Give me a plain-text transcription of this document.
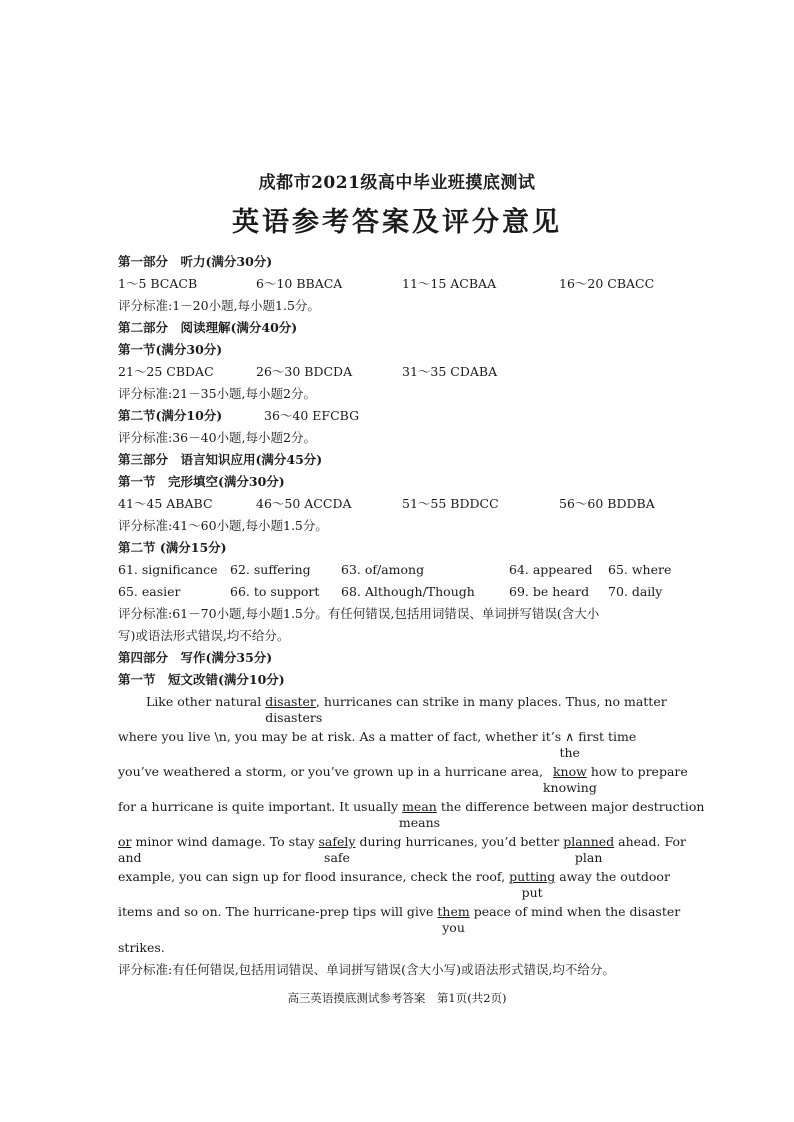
成都市2021级高中毕业班摸底测试
英语参考答案及评分意见
第一部分　听力(满分30分)
1～5 BCACB	6～10 BBACA	11～15 ACBAA	16～20 CBACC
评分标准:1－20小题,每小题1.5分。
第二部分　阅读理解(满分40分)
第一节(满分30分)
21～25 CBDAC	26～30 BDCDA	31～35 CDABA
评分标准:21－35小题,每小题2分。
第二节(满分10分)	36～40 EFCBG
评分标准:36－40小题,每小题2分。
第三部分　语言知识应用(满分45分)
第一节　完形填空(满分30分)
41～45 ABABC	46～50 ACCDA	51～55 BDDCC	56～60 BDDBA
评分标准:41～60小题,每小题1.5分。
第二节 (满分15分)
61. significance 62. suffering 63. of/among	64. appeared 65. where
65. easier	66. to support 68. Although/Though	69. be heard 70. daily
评分标准:61－70小题,每小题1.5分。有任何错误,包括用词错误、单词拼写错误(含大小
写)或语法形式错误,均不给分。
第四部分　写作(满分35分)
第一节　短文改错(满分10分)
Like other natural disaster
disasters
, hurricanes can strike in many places. Thus, no matter
where you live \n, you may be at risk. As a matter of fact, whether it’s ∧
the
first time
you’ve weathered a storm, or you’ve grown up in a hurricane area, know
knowing
how to prepare
for a hurricane is quite important. It usually mean
means
the difference between major destruction
or
and
minor wind damage. To stay safely
safe
during hurricanes, you’d better planned
plan
ahead. For
example, you can sign up for flood insurance, check the roof, putting
put
away the outdoor
items and so on. The hurricane-prep tips will give them
you
peace of mind when the disaster
strikes.
评分标准:有任何错误,包括用词错误、单词拼写错误(含大小写)或语法形式错误,均不给分。
高三英语摸底测试参考答案　第1页(共2页)
